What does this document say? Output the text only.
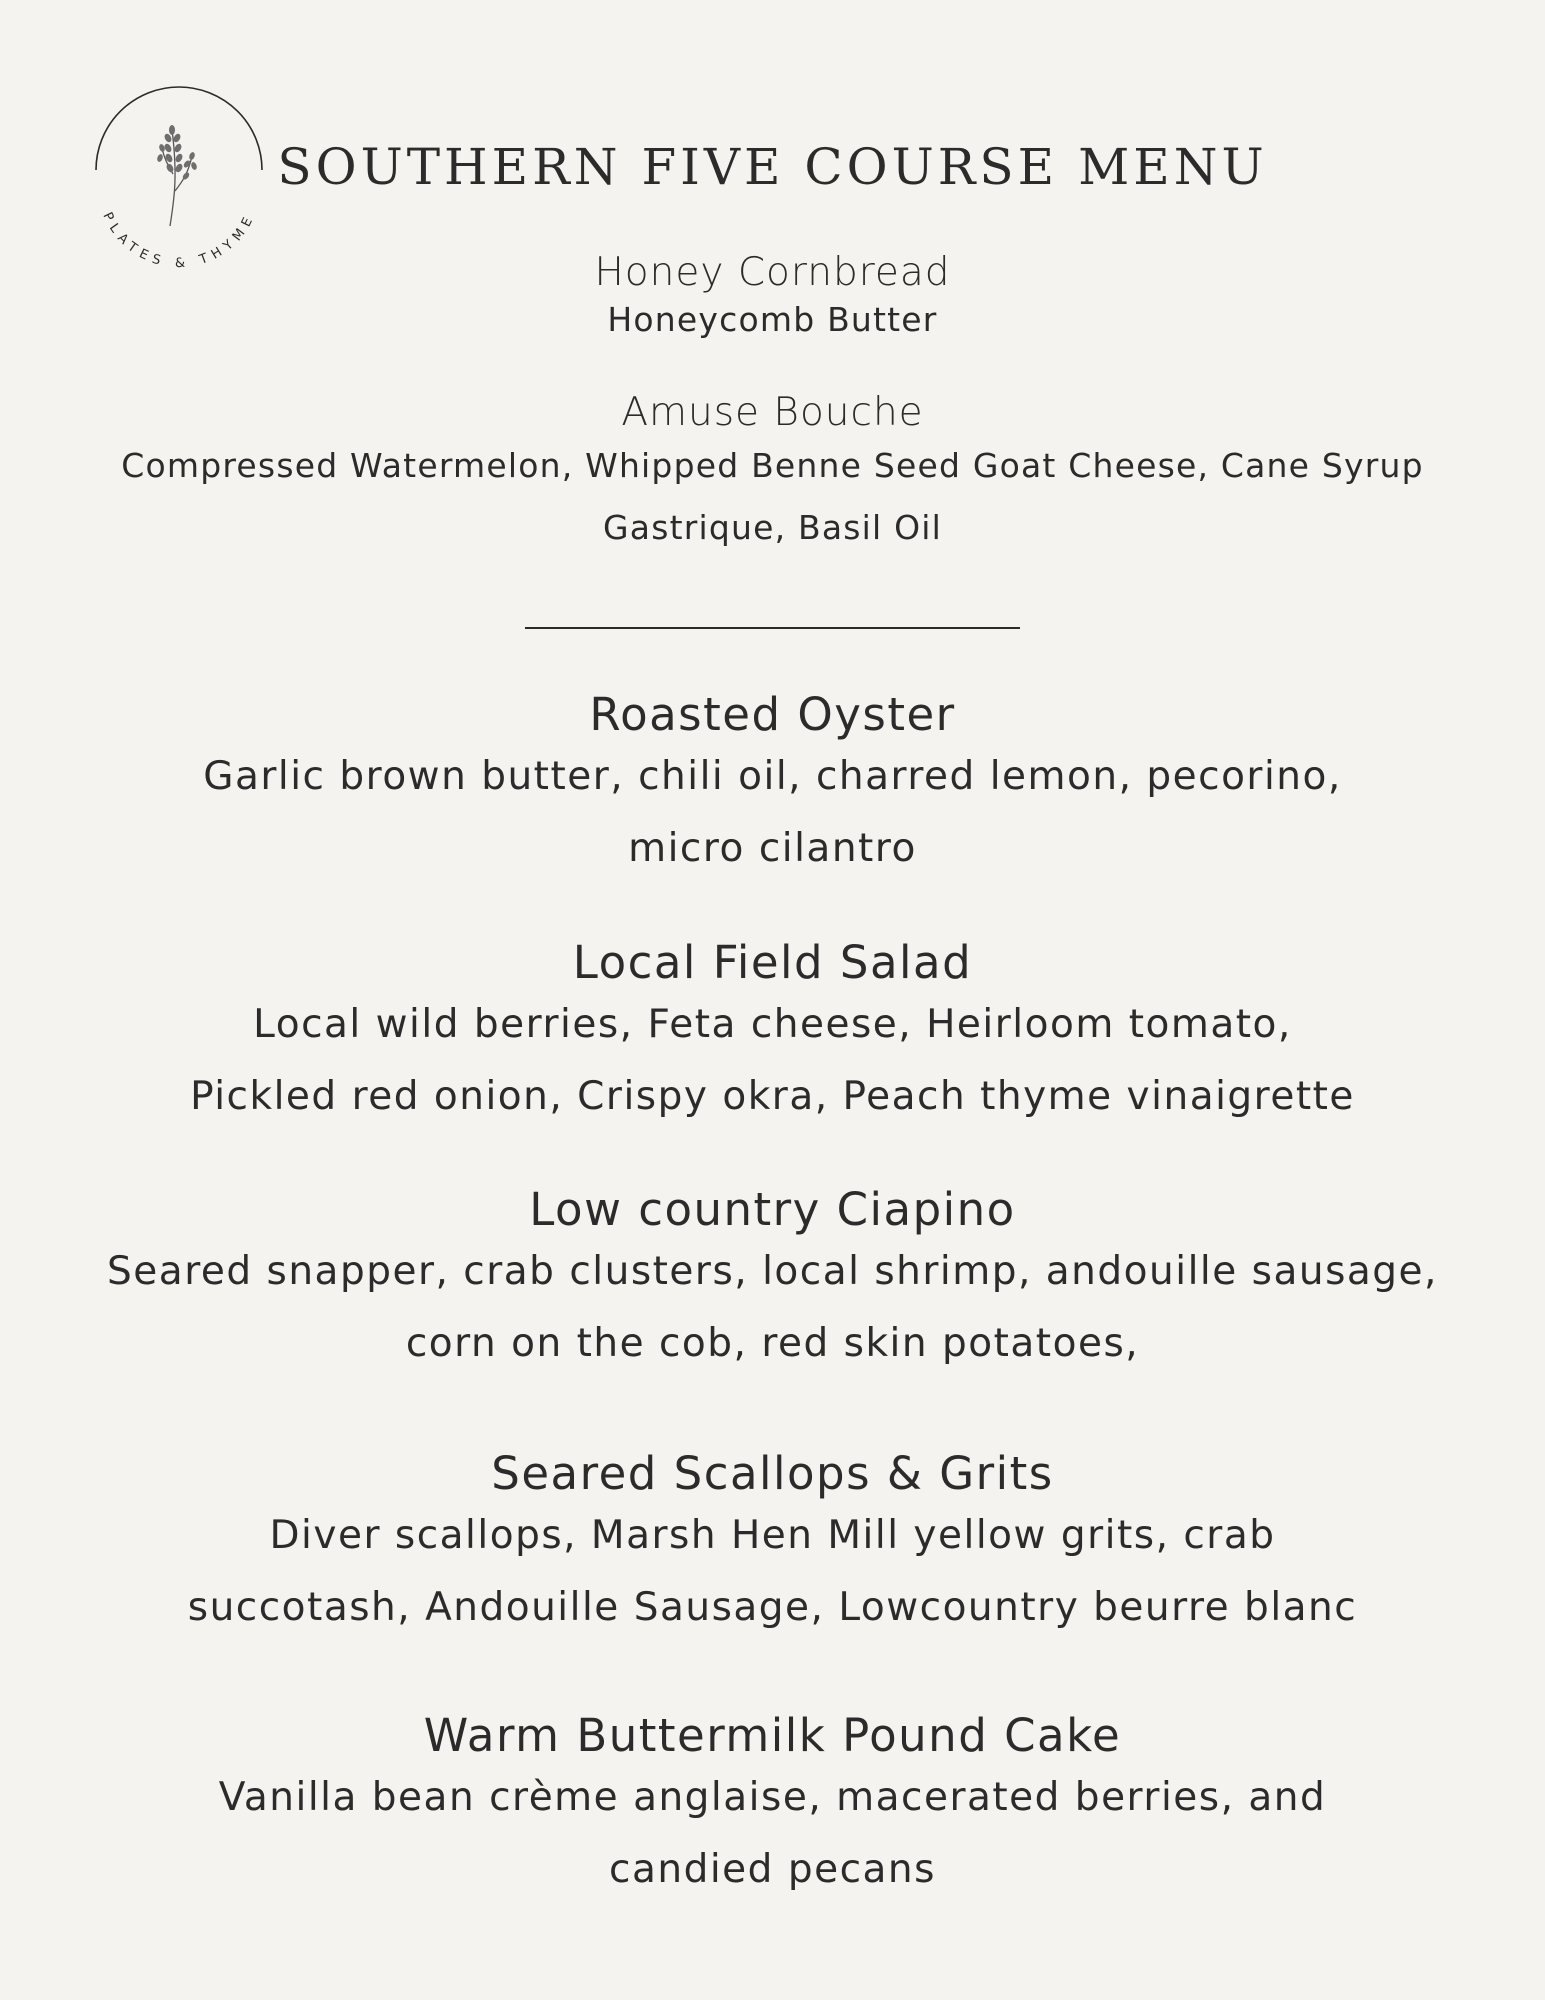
PLATES & THYME
SOUTHERN FIVE COURSE MENU

Honey Cornbread

Honeycomb Butter

Amuse Bouche

Compressed Watermelon, Whipped Benne Seed Goat Cheese, Cane Syrup Gastrique, Basil Oil

Roasted Oyster

Garlic brown butter, chili oil, charred lemon, pecorino, micro cilantro

Local Field Salad

Local wild berries, Feta cheese, Heirloom tomato, Pickled red onion, Crispy okra, Peach thyme vinaigrette

Low country Ciapino

Seared snapper, crab clusters, local shrimp, andouille sausage, corn on the cob, red skin potatoes,

Seared Scallops & Grits

Diver scallops, Marsh Hen Mill yellow grits, crab succotash, Andouille Sausage, Lowcountry beurre blanc

Warm Buttermilk Pound Cake

Vanilla bean crème anglaise, macerated berries, and candied pecans
